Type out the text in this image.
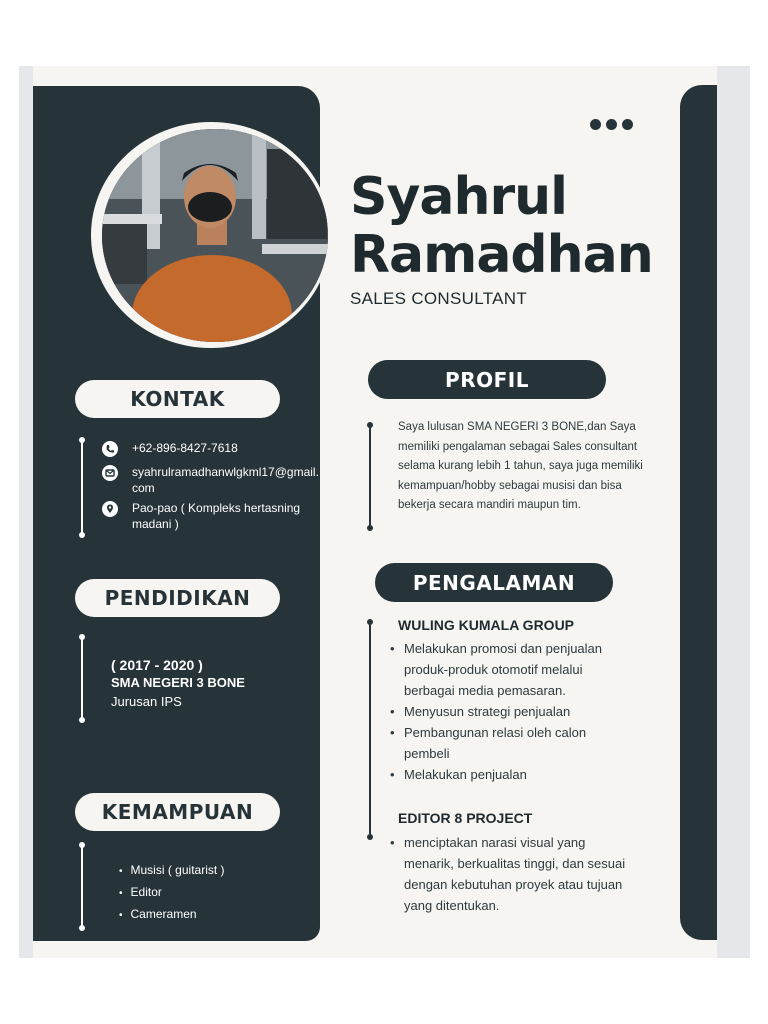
Syahrul
Ramadhan
SALES CONSULTANT
KONTAK
+62-896-8427-7618
syahrulramadhanwlgkml17@gmail.com
Pao-pao ( Kompleks hertasning madani )
PENDIDIKAN
( 2017 - 2020 )
SMA NEGERI 3 BONE
Jurusan IPS
KEMAMPUAN
• Musisi ( guitarist )
• Editor
• Cameramen
PROFIL
Saya lulusan SMA NEGERI 3 BONE,dan Saya memiliki pengalaman sebagai Sales consultant selama kurang lebih 1 tahun, saya juga memiliki kemampuan/hobby sebagai musisi dan bisa bekerja secara mandiri maupun tim.
PENGALAMAN
WULING KUMALA GROUP
• Melakukan promosi dan penjualan produk-produk otomotif melalui berbagai media pemasaran.
• Menyusun strategi penjualan
• Pembangunan relasi oleh calon pembeli
• Melakukan penjualan
EDITOR 8 PROJECT
• menciptakan narasi visual yang menarik, berkualitas tinggi, dan sesuai dengan kebutuhan proyek atau tujuan yang ditentukan.
